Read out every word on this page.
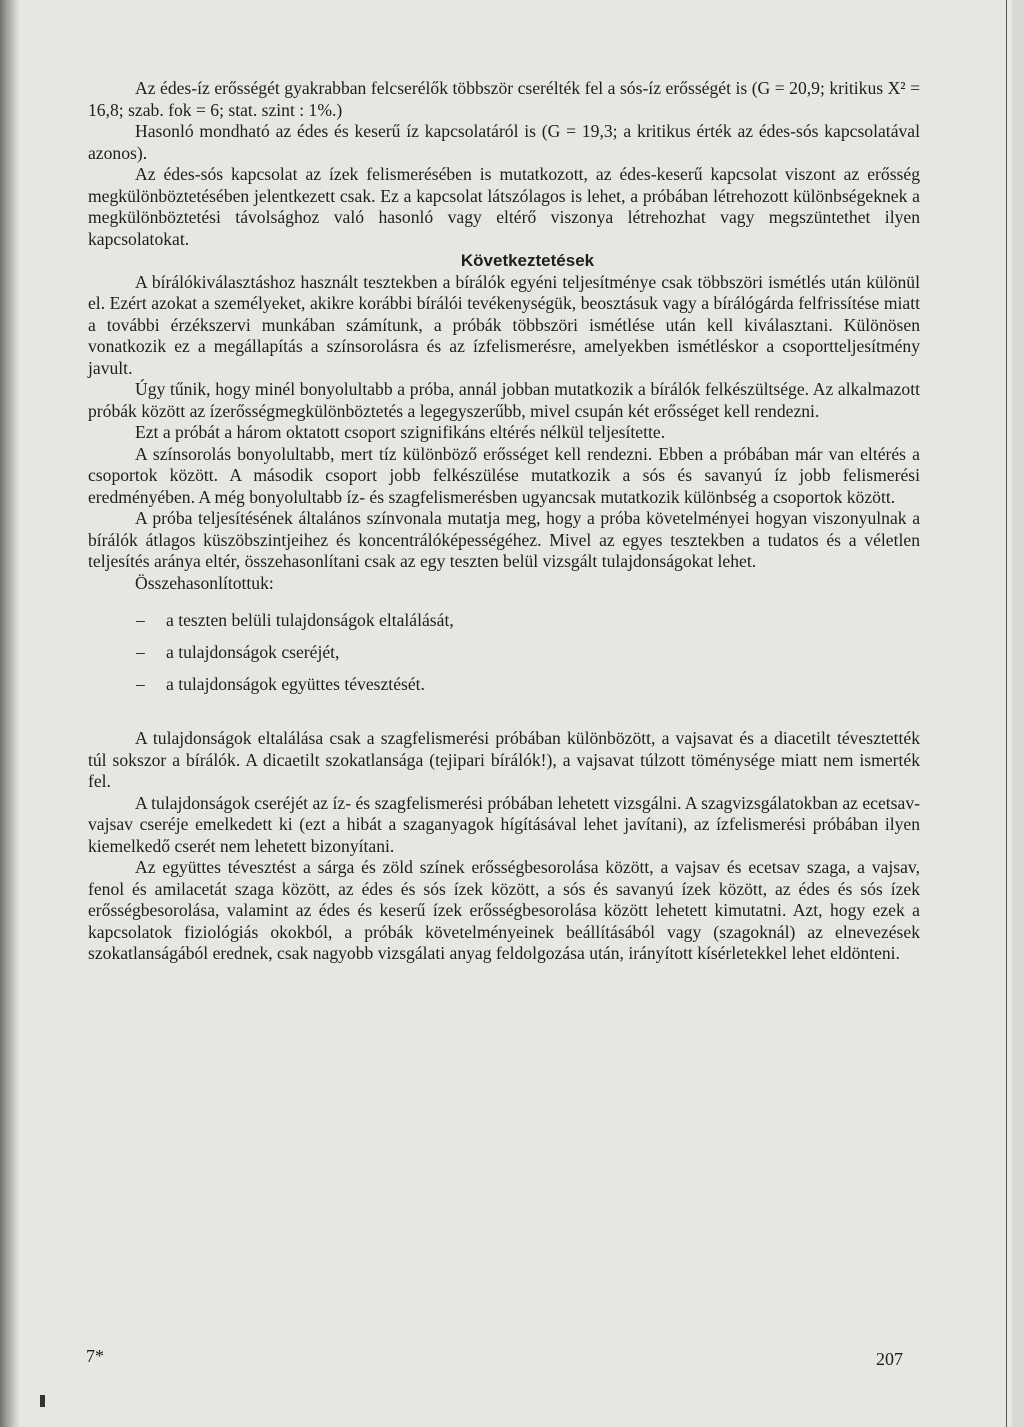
Az édes-íz erősségét gyakrabban felcserélők többször cserélték fel a sós-íz erősségét is (G = 20,9; kritikus X² = 16,8; szab. fok = 6; stat. szint : 1%.)

Hasonló mondható az édes és keserű íz kapcsolatáról is (G = 19,3; a kritikus érték az édes-sós kapcsolatával azonos).

Az édes-sós kapcsolat az ízek felismerésében is mutatkozott, az édes-keserű kapcsolat viszont az erősség megkülönböztetésében jelentkezett csak. Ez a kapcsolat látszólagos is lehet, a próbában létrehozott különbségeknek a megkülönböztetési távolsághoz való hasonló vagy eltérő viszonya létrehozhat vagy megszüntethet ilyen kapcsolatokat.

Következtetések

A bírálókiválasztáshoz használt tesztekben a bírálók egyéni teljesítménye csak többszöri ismétlés után különül el. Ezért azokat a személyeket, akikre korábbi bírálói tevékenységük, beosztásuk vagy a bírálógárda felfrissítése miatt a további érzékszervi munkában számítunk, a próbák többszöri ismétlése után kell kiválasztani. Különösen vonatkozik ez a megállapítás a színsorolásra és az ízfelismerésre, amelyekben ismétléskor a csoportteljesítmény javult.

Úgy tűnik, hogy minél bonyolultabb a próba, annál jobban mutatkozik a bírálók felkészültsége. Az alkalmazott próbák között az ízerősségmegkülönböztetés a legegyszerűbb, mivel csupán két erősséget kell rendezni.

Ezt a próbát a három oktatott csoport szignifikáns eltérés nélkül teljesítette.

A színsorolás bonyolultabb, mert tíz különböző erősséget kell rendezni. Ebben a próbában már van eltérés a csoportok között. A második csoport jobb felkészülése mutatkozik a sós és savanyú íz jobb felismerési eredményében. A még bonyolultabb íz- és szagfelismerésben ugyancsak mutatkozik különbség a csoportok között.

A próba teljesítésének általános színvonala mutatja meg, hogy a próba követelményei hogyan viszonyulnak a bírálók átlagos küszöbszintjeihez és koncentrálóképességéhez. Mivel az egyes tesztekben a tudatos és a véletlen teljesítés aránya eltér, összehasonlítani csak az egy teszten belül vizsgált tulajdonságokat lehet.

Összehasonlítottuk:

– a teszten belüli tulajdonságok eltalálását,
– a tulajdonságok cseréjét,
– a tulajdonságok együttes tévesztését.

A tulajdonságok eltalálása csak a szagfelismerési próbában különbözött, a vajsavat és a diacetilt tévesztették túl sokszor a bírálók. A dicaetilt szokatlansága (tejipari bírálók!), a vajsavat túlzott töménysége miatt nem ismerték fel.

A tulajdonságok cseréjét az íz- és szagfelismerési próbában lehetett vizsgálni. A szagvizsgálatokban az ecetsav-vajsav cseréje emelkedett ki (ezt a hibát a szaganyagok hígításával lehet javítani), az ízfelismerési próbában ilyen kiemelkedő cserét nem lehetett bizonyítani.

Az együttes tévesztést a sárga és zöld színek erősségbesorolása között, a vajsav és ecetsav szaga, a vajsav, fenol és amilacetát szaga között, az édes és sós ízek között, a sós és savanyú ízek között, az édes és sós ízek erősségbesorolása, valamint az édes és keserű ízek erősségbesorolása között lehetett kimutatni. Azt, hogy ezek a kapcsolatok fiziológiás okokból, a próbák követelményeinek beállításából vagy (szagoknál) az elnevezések szokatlanságából erednek, csak nagyobb vizsgálati anyag feldolgozása után, irányított kísérletekkel lehet eldönteni.

7*	207
